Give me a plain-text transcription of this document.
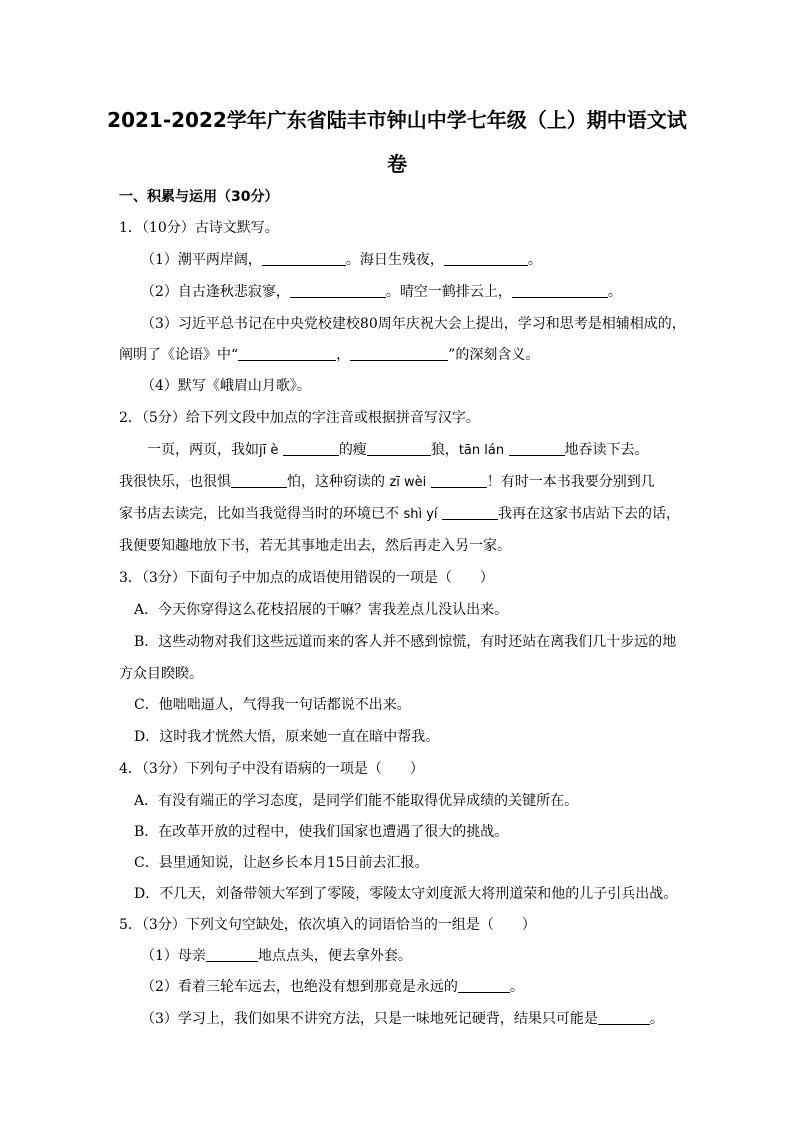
2021-2022学年广东省陆丰市钟山中学七年级（上）期中语文试
卷
一、积累与运用（30分）
1．（10分）古诗文默写。
（1）潮平两岸阔，	。海日生残夜，	。
（2）自古逢秋悲寂寥，	。晴空一鹤排云上，	。
（3）习近平总书记在中央党校建校80周年庆祝大会上提出，学习和思考是相辅相成的，
阐明了《论语》中“	，	”的深刻含义。
（4）默写《峨眉山月歌》。
2．（5分）给下列文段中加点的字注音或根据拼音写汉字。
一页，两页，我如jī è	的瘦	狼，tān lán	地吞读下去。
我很快乐，也很惧	怕，这种窃读的 zī wèi	！有时一本书我要分别到几
家书店去读完，比如当我觉得当时的环境已不 shì yí	我再在这家书店站下去的话，
我便要知趣地放下书，若无其事地走出去，然后再走入另一家。
3．（3分）下面句子中加点的成语使用错误的一项是（　　）
A．今天你穿得这么花枝招展的干嘛？害我差点儿没认出来。
B．这些动物对我们这些远道而来的客人并不感到惊慌，有时还站在离我们几十步远的地
方众目睽睽。
C．他咄咄逼人，气得我一句话都说不出来。
D．这时我才恍然大悟，原来她一直在暗中帮我。
4．（3分）下列句子中没有语病的一项是（　　）
A．有没有端正的学习态度，是同学们能不能取得优异成绩的关键所在。
B．在改革开放的过程中，使我们国家也遭遇了很大的挑战。
C．县里通知说，让赵乡长本月15日前去汇报。
D．不几天，刘备带领大军到了零陵，零陵太守刘度派大将刑道荣和他的儿子引兵出战。
5．（3分）下列文句空缺处，依次填入的词语恰当的一组是（　　）
（1）母亲	地点点头，便去拿外套。
（2）看着三轮车远去，也绝没有想到那竟是永远的	。
（3）学习上，我们如果不讲究方法，只是一味地死记硬背，结果只可能是	。
